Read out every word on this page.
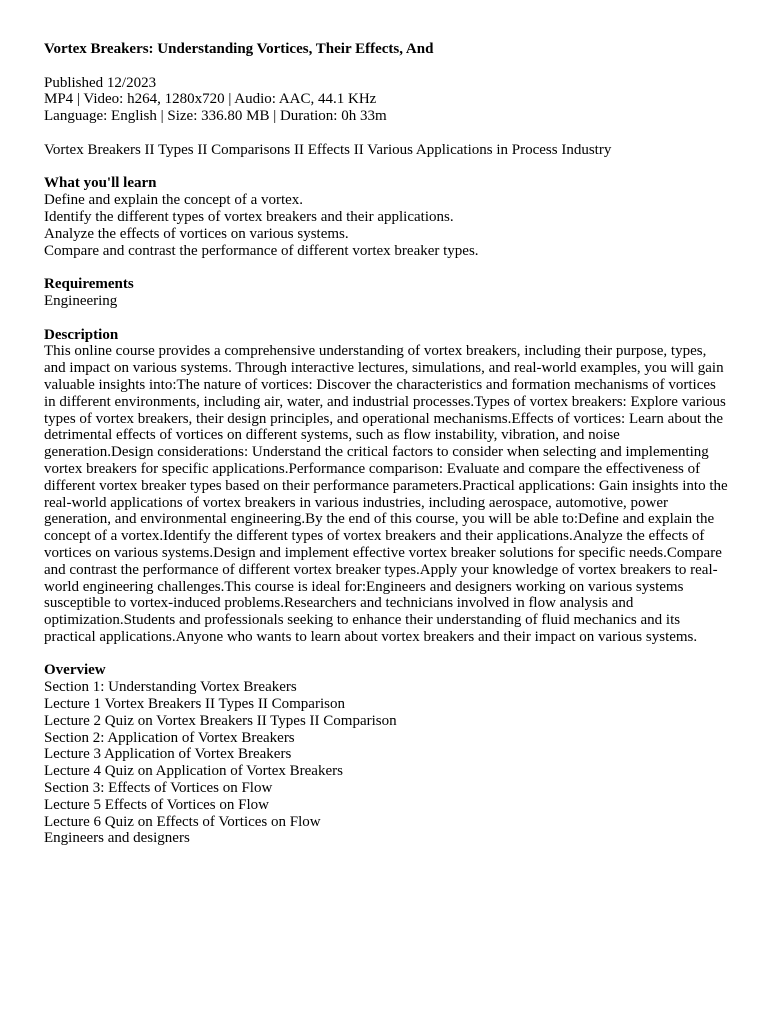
Vortex Breakers: Understanding Vortices, Their Effects, And
Published 12/2023
MP4 | Video: h264, 1280x720 | Audio: AAC, 44.1 KHz
Language: English | Size: 336.80 MB | Duration: 0h 33m
Vortex Breakers II Types II Comparisons II Effects II Various Applications in Process Industry
What you'll learn
Define and explain the concept of a vortex.
Identify the different types of vortex breakers and their applications.
Analyze the effects of vortices on various systems.
Compare and contrast the performance of different vortex breaker types.
Requirements
Engineering
Description

This online course provides a comprehensive understanding of vortex breakers, including their purpose, types, and impact on various systems. Through interactive lectures, simulations, and real-world examples, you will gain valuable insights into:The nature of vortices: Discover the characteristics and formation mechanisms of vortices in different environments, including air, water, and industrial processes.Types of vortex breakers: Explore various types of vortex breakers, their design principles, and operational mechanisms.Effects of vortices: Learn about the detrimental effects of vortices on different systems, such as flow instability, vibration, and noise generation.Design considerations: Understand the critical factors to consider when selecting and implementing vortex breakers for specific applications.Performance comparison: Evaluate and compare the effectiveness of different vortex breaker types based on their performance parameters.Practical applications: Gain insights into the real-world applications of vortex breakers in various industries, including aerospace, automotive, power generation, and environmental engineering.By the end of this course, you will be able to:Define and explain the concept of a vortex.Identify the different types of vortex breakers and their applications.Analyze the effects of vortices on various systems.Design and implement effective vortex breaker solutions for specific needs.Compare and contrast the performance of different vortex breaker types.Apply your knowledge of vortex breakers to real-world engineering challenges.This course is ideal for:Engineers and designers working on various systems susceptible to vortex-induced problems.Researchers and technicians involved in flow analysis and optimization.Students and professionals seeking to enhance their understanding of fluid mechanics and its practical applications.Anyone who wants to learn about vortex breakers and their impact on various systems.

Overview
Section 1: Understanding Vortex Breakers
Lecture 1 Vortex Breakers II Types II Comparison
Lecture 2 Quiz on Vortex Breakers II Types II Comparison
Section 2: Application of Vortex Breakers
Lecture 3 Application of Vortex Breakers
Lecture 4 Quiz on Application of Vortex Breakers
Section 3: Effects of Vortices on Flow
Lecture 5 Effects of Vortices on Flow
Lecture 6 Quiz on Effects of Vortices on Flow
Engineers and designers
